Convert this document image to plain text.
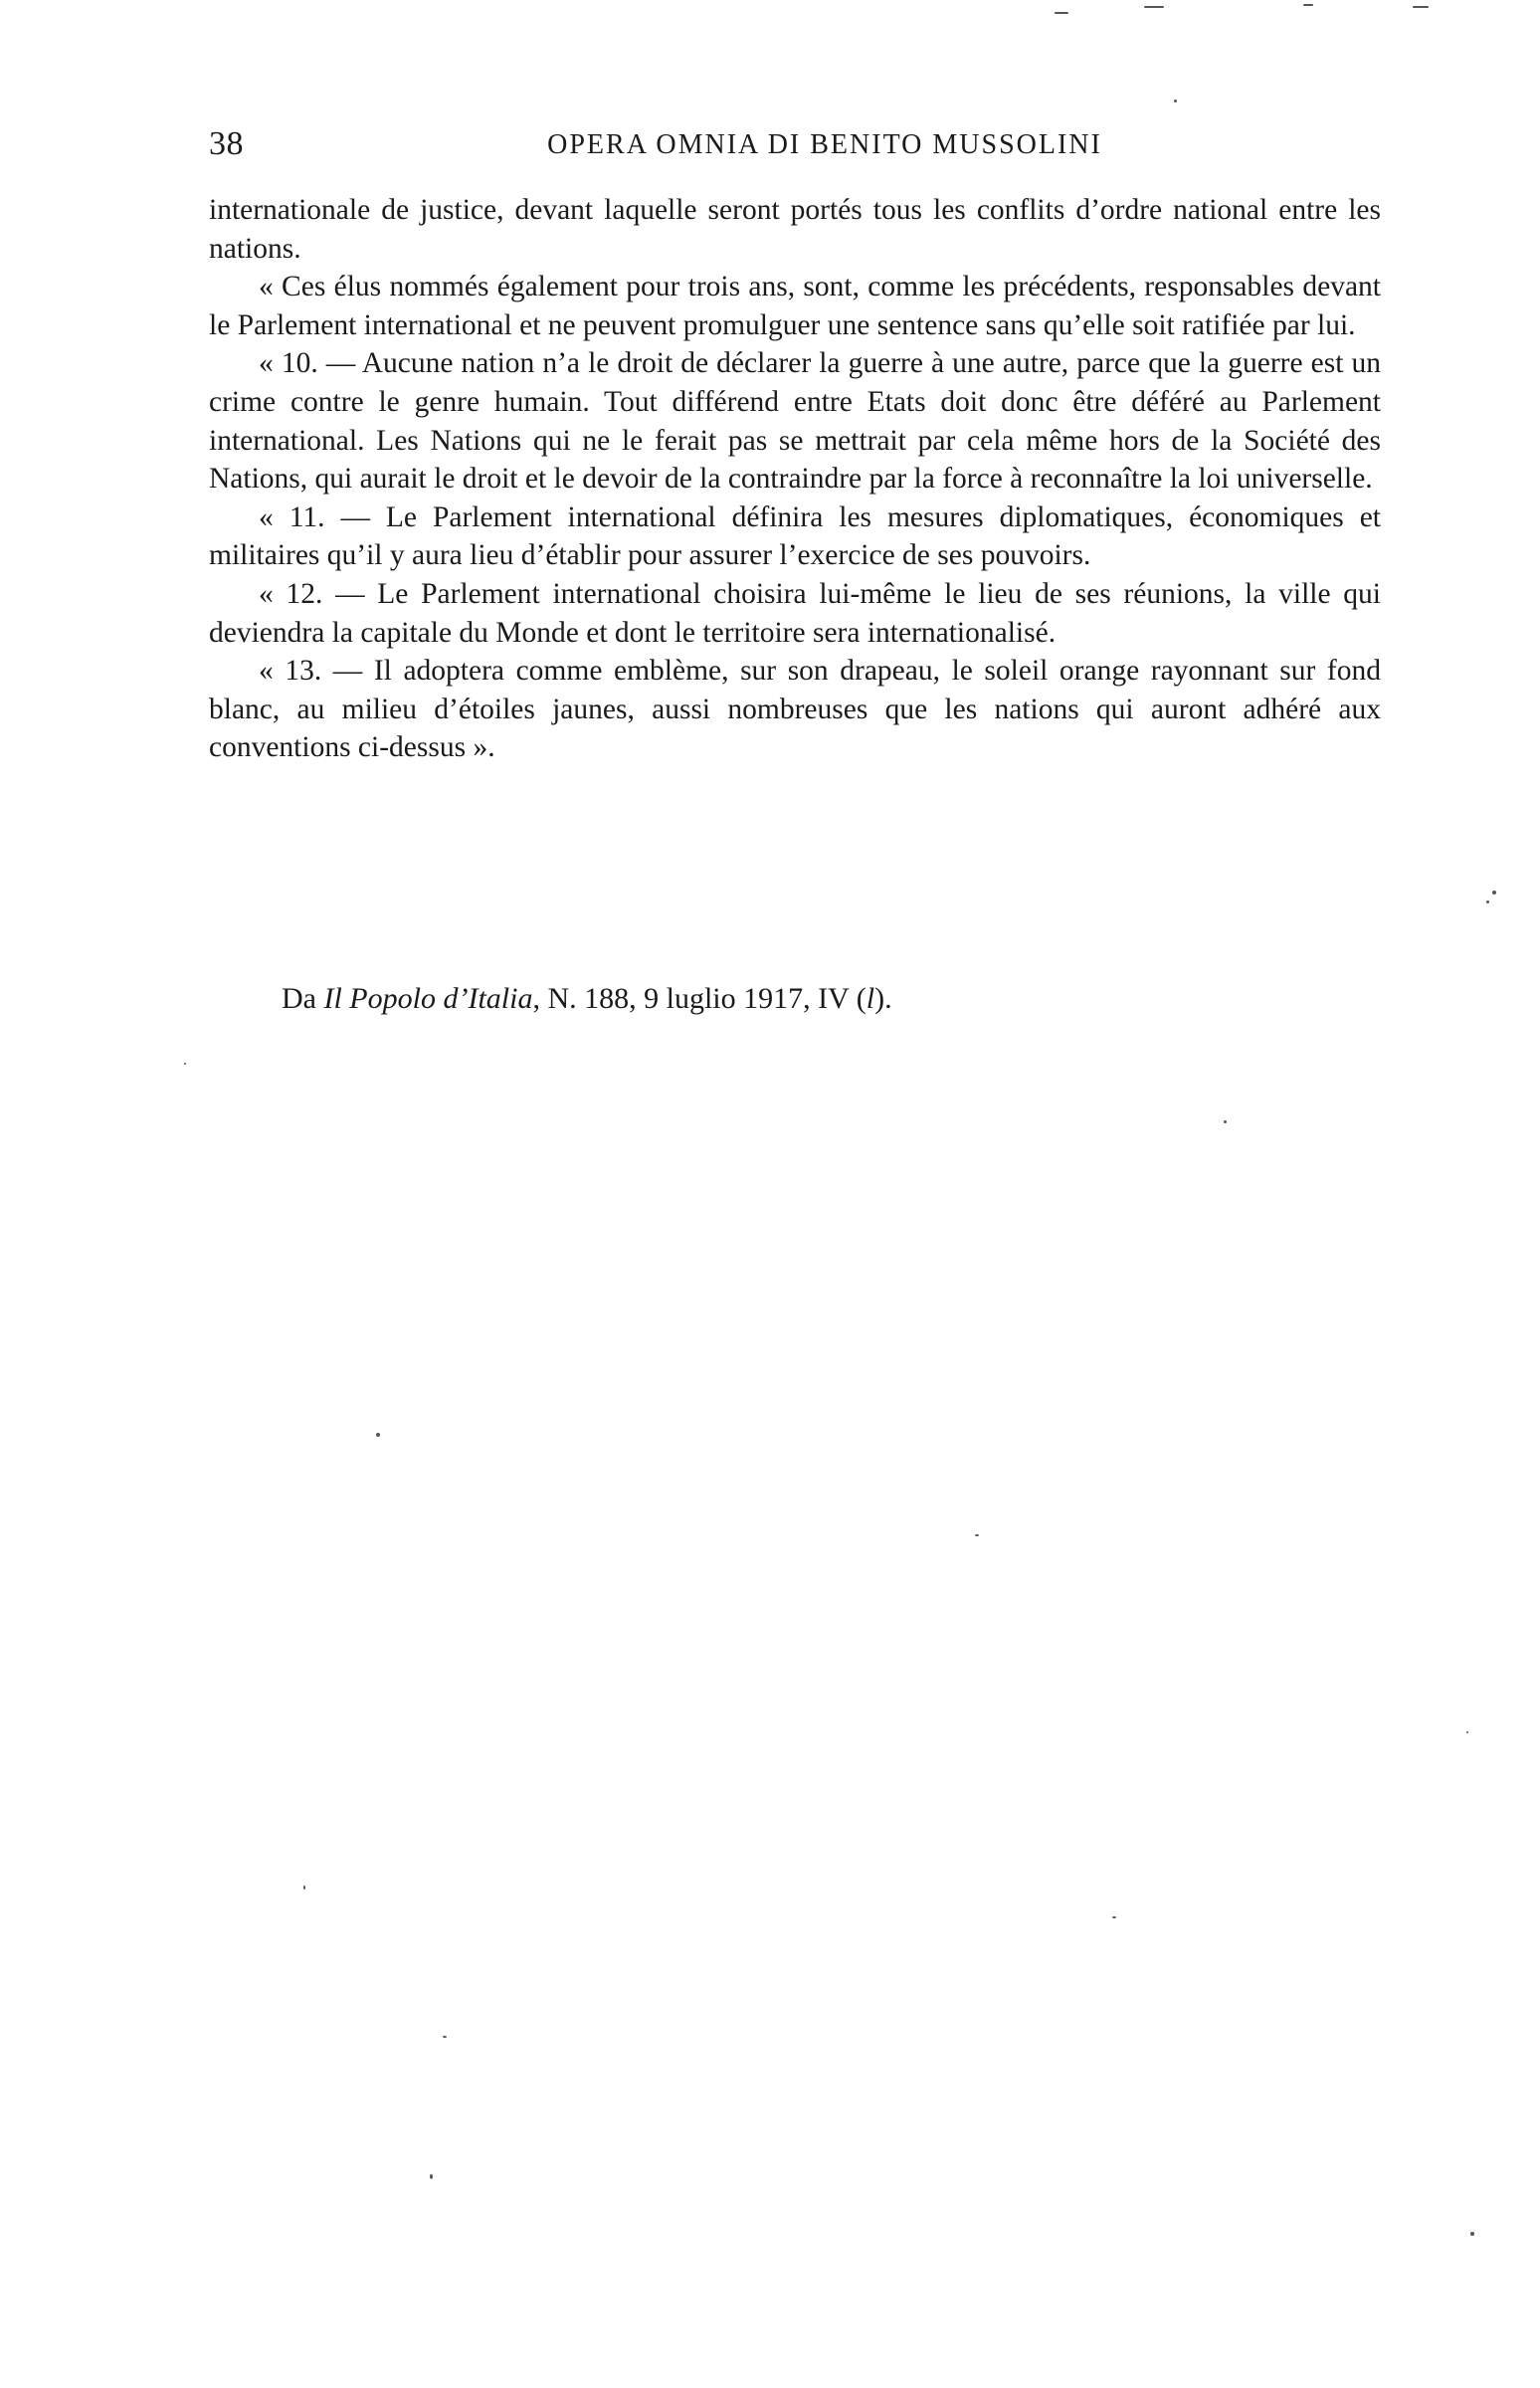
38	OPERA OMNIA DI BENITO MUSSOLINI

internationale de justice, devant laquelle seront portés tous les conflits d’ordre national entre les nations.

« Ces élus nommés également pour trois ans, sont, comme les précédents, responsables devant le Parlement international et ne peuvent promulguer une sentence sans qu’elle soit ratifiée par lui.

« 10. — Aucune nation n’a le droit de déclarer la guerre à une autre, parce que la guerre est un crime contre le genre humain. Tout différend entre Etats doit donc être déféré au Parlement international. Les Nations qui ne le ferait pas se mettrait par cela même hors de la Société des Nations, qui aurait le droit et le devoir de la contraindre par la force à reconnaître la loi universelle.

« 11. — Le Parlement international définira les mesures diplomatiques, économiques et militaires qu’il y aura lieu d’établir pour assurer l’exercice de ses pouvoirs.

« 12. — Le Parlement international choisira lui-même le lieu de ses réunions, la ville qui deviendra la capitale du Monde et dont le territoire sera internationalisé.

« 13. — Il adoptera comme emblème, sur son drapeau, le soleil orange rayonnant sur fond blanc, au milieu d’étoiles jaunes, aussi nombreuses que les nations qui auront adhéré aux conventions ci-dessus ».

Da Il Popolo d’Italia, N. 188, 9 luglio 1917, IV (l).
